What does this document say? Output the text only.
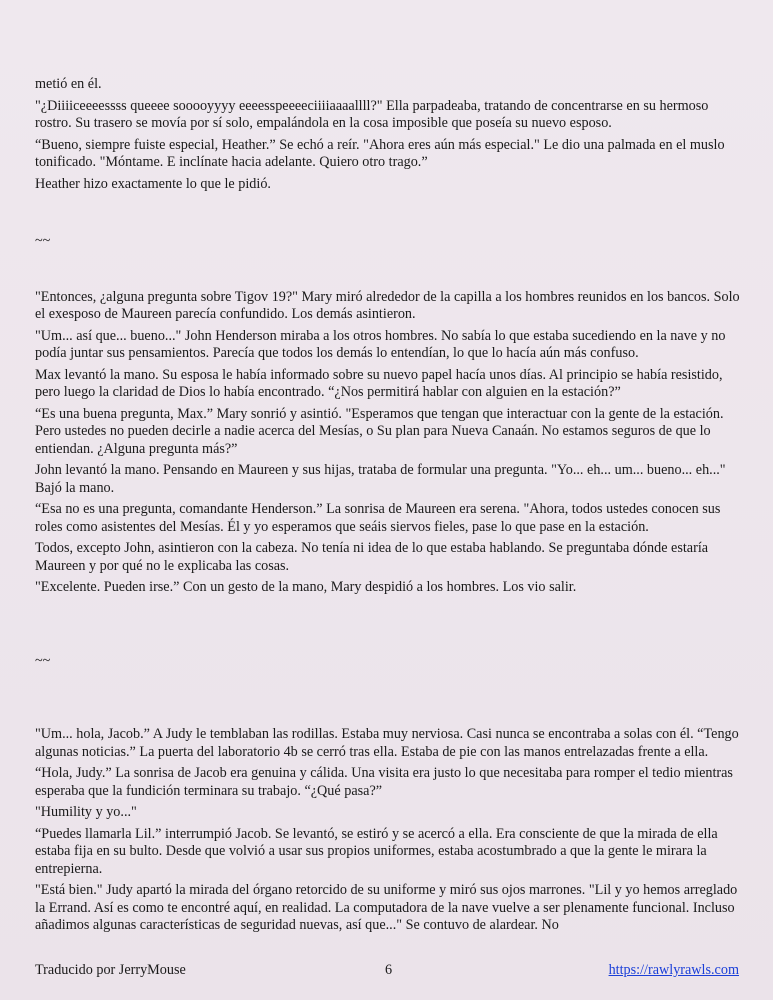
metió en él.

"¿Diiiiceeeessss queeee sooooyyyy eeeesspeeeeciiiiaaaallll?" Ella parpadeaba, tratando de concentrarse en su hermoso rostro. Su trasero se movía por sí solo, empalándola en la cosa imposible que poseía su nuevo esposo.

“Bueno, siempre fuiste especial, Heather.” Se echó a reír. "Ahora eres aún más especial." Le dio una palmada en el muslo tonificado. "Móntame. E inclínate hacia adelante. Quiero otro trago.”

Heather hizo exactamente lo que le pidió.

~~

"Entonces, ¿alguna pregunta sobre Tigov 19?" Mary miró alrededor de la capilla a los hombres reunidos en los bancos. Solo el exesposo de Maureen parecía confundido. Los demás asintieron.

"Um... así que... bueno..." John Henderson miraba a los otros hombres. No sabía lo que estaba sucediendo en la nave y no podía juntar sus pensamientos. Parecía que todos los demás lo entendían, lo que lo hacía aún más confuso.

Max levantó la mano. Su esposa le había informado sobre su nuevo papel hacía unos días. Al principio se había resistido, pero luego la claridad de Dios lo había encontrado. “¿Nos permitirá hablar con alguien en la estación?”

“Es una buena pregunta, Max.” Mary sonrió y asintió. "Esperamos que tengan que interactuar con la gente de la estación. Pero ustedes no pueden decirle a nadie acerca del Mesías, o Su plan para Nueva Canaán. No estamos seguros de que lo entiendan. ¿Alguna pregunta más?”

John levantó la mano. Pensando en Maureen y sus hijas, trataba de formular una pregunta. "Yo... eh... um... bueno... eh..." Bajó la mano.

“Esa no es una pregunta, comandante Henderson.” La sonrisa de Maureen era serena. "Ahora, todos ustedes conocen sus roles como asistentes del Mesías. Él y yo esperamos que seáis siervos fieles, pase lo que pase en la estación.

Todos, excepto John, asintieron con la cabeza. No tenía ni idea de lo que estaba hablando. Se preguntaba dónde estaría Maureen y por qué no le explicaba las cosas.

"Excelente. Pueden irse.” Con un gesto de la mano, Mary despidió a los hombres. Los vio salir.

~~

"Um... hola, Jacob.” A Judy le temblaban las rodillas. Estaba muy nerviosa. Casi nunca se encontraba a solas con él. “Tengo algunas noticias.” La puerta del laboratorio 4b se cerró tras ella. Estaba de pie con las manos entrelazadas frente a ella.

“Hola, Judy.” La sonrisa de Jacob era genuina y cálida. Una visita era justo lo que necesitaba para romper el tedio mientras esperaba que la fundición terminara su trabajo. “¿Qué pasa?”

"Humility y yo..."

“Puedes llamarla Lil.” interrumpió Jacob. Se levantó, se estiró y se acercó a ella. Era consciente de que la mirada de ella estaba fija en su bulto. Desde que volvió a usar sus propios uniformes, estaba acostumbrado a que la gente le mirara la entrepierna.

"Está bien." Judy apartó la mirada del órgano retorcido de su uniforme y miró sus ojos marrones. "Lil y yo hemos arreglado la Errand. Así es como te encontré aquí, en realidad. La computadora de la nave vuelve a ser plenamente funcional. Incluso añadimos algunas características de seguridad nuevas, así que..." Se contuvo de alardear. No

Traducido por JerryMouse	6	https://rawlyrawls.com
